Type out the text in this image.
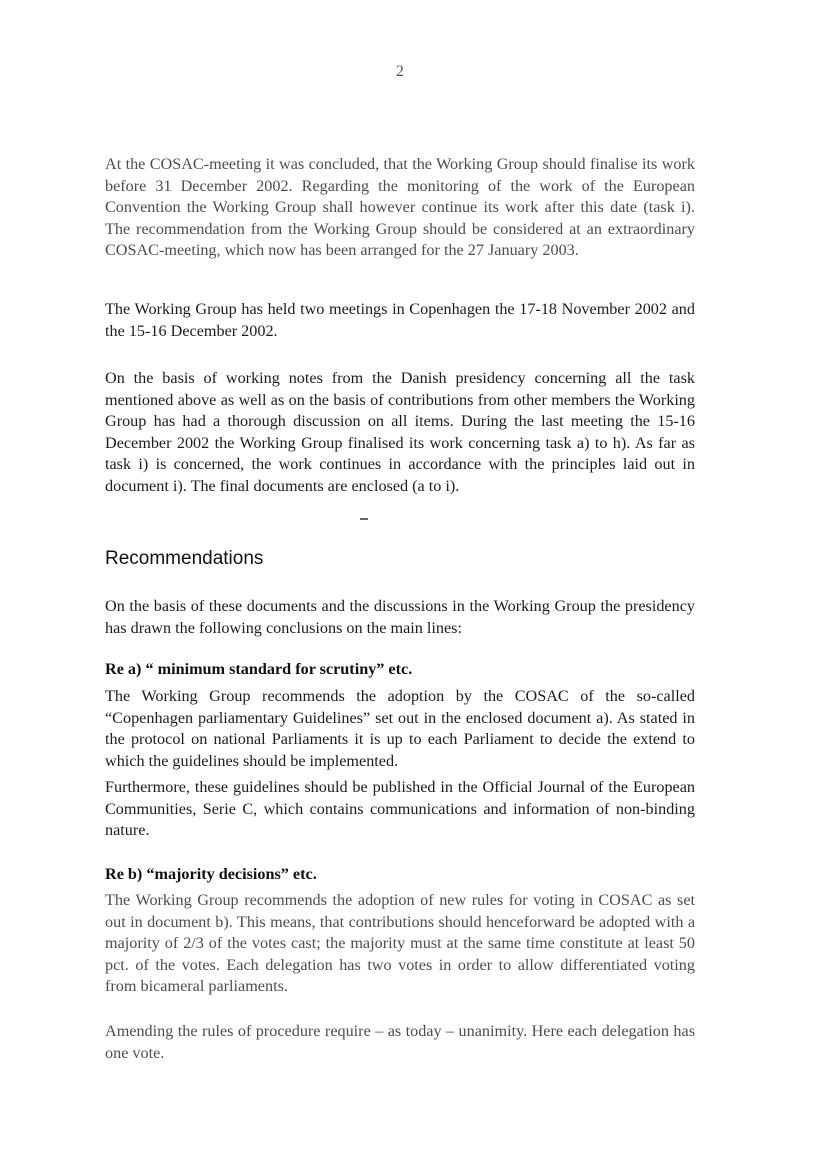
2

At the COSAC-meeting it was concluded, that the Working Group should finalise its work before 31 December 2002. Regarding the monitoring of the work of the European Convention the Working Group shall however continue its work after this date (task i). The recommendation from the Working Group should be considered at an extraordinary COSAC-meeting, which now has been arranged for the 27 January 2003.

The Working Group has held two meetings in Copenhagen the 17-18 November 2002 and the 15-16 December 2002.

On the basis of working notes from the Danish presidency concerning all the task mentioned above as well as on the basis of contributions from other members the Working Group has had a thorough discussion on all items. During the last meeting the 15-16 December 2002 the Working Group finalised its work concerning task a) to h). As far as task i) is concerned, the work continues in accordance with the principles laid out in document i). The final documents are enclosed (a to i).

Recommendations

On the basis of these documents and the discussions in the Working Group the presidency has drawn the following conclusions on the main lines:

Re a) “ minimum standard for scrutiny” etc.

The Working Group recommends the adoption by the COSAC of the so-called “Copenhagen parliamentary Guidelines” set out in the enclosed document a). As stated in the protocol on national Parliaments it is up to each Parliament to decide the extend to which the guidelines should be implemented.

Furthermore, these guidelines should be published in the Official Journal of the European Communities, Serie C, which contains communications and information of non-binding nature.

Re b) “majority decisions” etc.

The Working Group recommends the adoption of new rules for voting in COSAC as set out in document b). This means, that contributions should henceforward be adopted with a majority of 2/3 of the votes cast; the majority must at the same time constitute at least 50 pct. of the votes. Each delegation has two votes in order to allow differentiated voting from bicameral parliaments.

Amending the rules of procedure require – as today – unanimity. Here each delegation has one vote.
